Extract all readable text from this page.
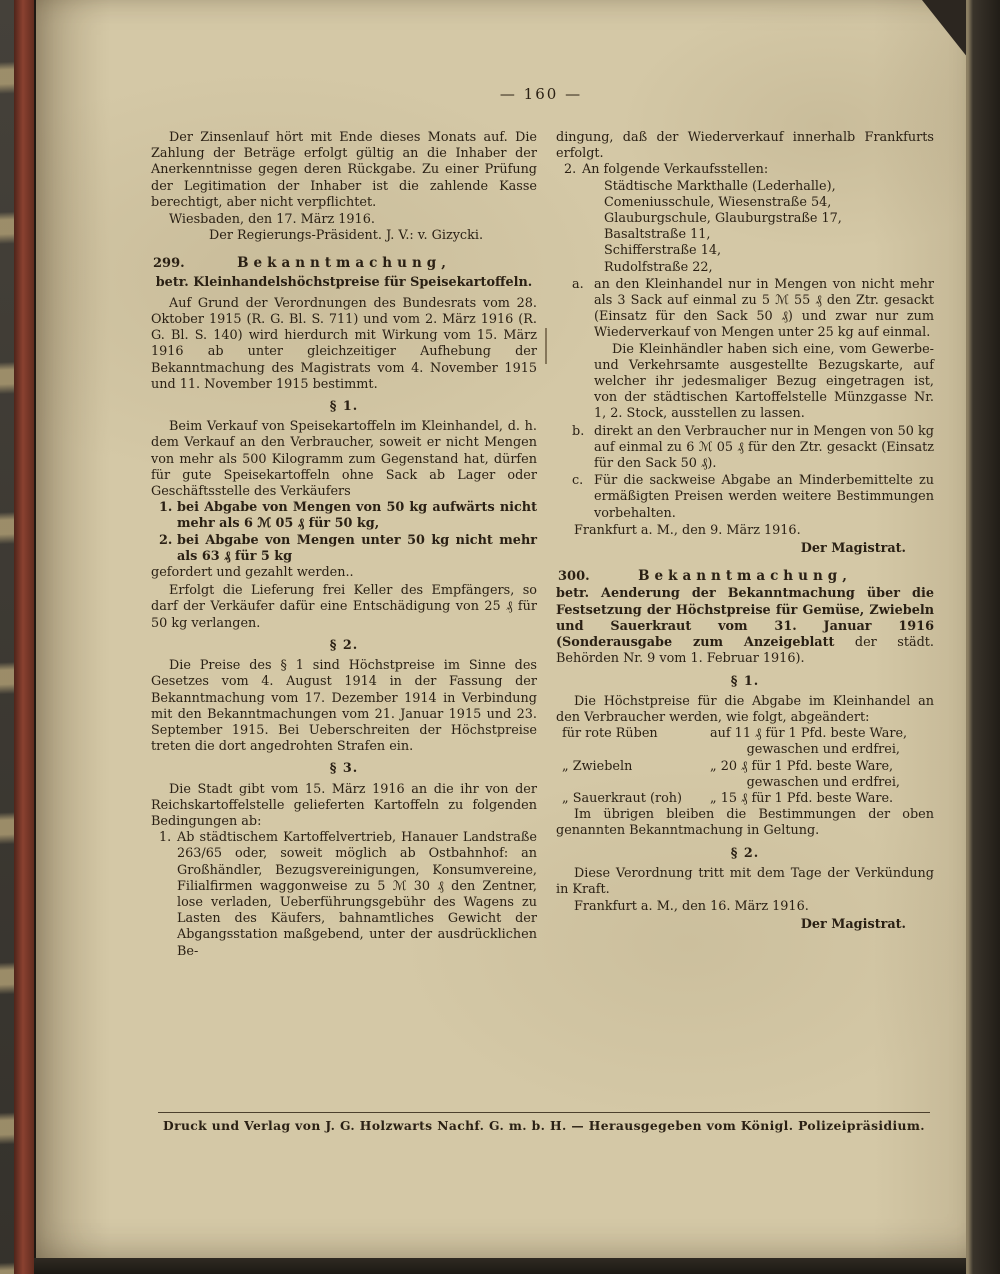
— 160 —

Der Zinsenlauf hört mit Ende dieses Monats auf. Die Zahlung der Beträge erfolgt gültig an die Inhaber der Anerkenntnisse gegen deren Rückgabe. Zu einer Prüfung der Legitimation der Inhaber ist die zahlende Kasse berechtigt, aber nicht verpflichtet.

Wiesbaden, den 17. März 1916.

Der Regierungs-Präsident. J. V.: v. Gizycki.

299.	Bekanntmachung,

betr. Kleinhandelshöchstpreise für Speisekartoffeln.

Auf Grund der Verordnungen des Bundesrats vom 28. Oktober 1915 (R. G. Bl. S. 711) und vom 2. März 1916 (R. G. Bl. S. 140) wird hierdurch mit Wirkung vom 15. März 1916 ab unter gleichzeitiger Aufhebung der Bekanntmachung des Magistrats vom 4. November 1915 und 11. November 1915 bestimmt.

§ 1.

Beim Verkauf von Speisekartoffeln im Kleinhandel, d. h. dem Verkauf an den Verbraucher, soweit er nicht Mengen von mehr als 500 Kilogramm zum Gegenstand hat, dürfen für gute Speisekartoffeln ohne Sack ab Lager oder Geschäftsstelle des Verkäufers

1. bei Abgabe von Mengen von 50 kg aufwärts nicht mehr als 6 ℳ 05 ₰ für 50 kg,

2. bei Abgabe von Mengen unter 50 kg nicht mehr als 63 ₰ für 5 kg

gefordert und gezahlt werden..

Erfolgt die Lieferung frei Keller des Empfängers, so darf der Verkäufer dafür eine Entschädigung von 25 ₰ für 50 kg verlangen.

§ 2.

Die Preise des § 1 sind Höchstpreise im Sinne des Gesetzes vom 4. August 1914 in der Fassung der Bekanntmachung vom 17. Dezember 1914 in Verbindung mit den Bekanntmachungen vom 21. Januar 1915 und 23. September 1915. Bei Ueberschreiten der Höchstpreise treten die dort angedrohten Strafen ein.

§ 3.

Die Stadt gibt vom 15. März 1916 an die ihr von der Reichskartoffelstelle gelieferten Kartoffeln zu folgenden Bedingungen ab:

1. Ab städtischem Kartoffelvertrieb, Hanauer Landstraße 263/65 oder, soweit möglich ab Ostbahnhof: an Großhändler, Bezugsvereinigungen, Konsumvereine, Filialfirmen waggonweise zu 5 ℳ 30 ₰ den Zentner, lose verladen, Ueberführungsgebühr des Wagens zu Lasten des Käufers, bahnamtliches Gewicht der Abgangsstation maßgebend, unter der ausdrücklichen Be-

dingung, daß der Wiederverkauf innerhalb Frankfurts erfolgt.

2. An folgende Verkaufsstellen:

Städtische Markthalle (Lederhalle),

Comeniusschule, Wiesenstraße 54,

Glauburgschule, Glauburgstraße 17,

Basaltstraße 11,

Schifferstraße 14,

Rudolfstraße 22,

a. an den Kleinhandel nur in Mengen von nicht mehr als 3 Sack auf einmal zu 5 ℳ 55 ₰ den Ztr. gesackt (Einsatz für den Sack 50 ₰) und zwar nur zum Wiederverkauf von Mengen unter 25 kg auf einmal.

Die Kleinhändler haben sich eine, vom Gewerbe- und Verkehrsamte ausgestellte Bezugskarte, auf welcher ihr jedesmaliger Bezug eingetragen ist, von der städtischen Kartoffelstelle Münzgasse Nr. 1, 2. Stock, ausstellen zu lassen.

b. direkt an den Verbraucher nur in Mengen von 50 kg auf einmal zu 6 ℳ 05 ₰ für den Ztr. gesackt (Einsatz für den Sack 50 ₰).

c. Für die sackweise Abgabe an Minderbemittelte zu ermäßigten Preisen werden weitere Bestimmungen vorbehalten.

Frankfurt a. M., den 9. März 1916.

Der Magistrat.

300.	Bekanntmachung,

betr. Aenderung der Bekanntmachung über die Festsetzung der Höchstpreise für Gemüse, Zwiebeln und Sauerkraut vom 31. Januar 1916 (Sonderausgabe zum Anzeigeblatt der städt. Behörden Nr. 9 vom 1. Februar 1916).

§ 1.

Die Höchstpreise für die Abgabe im Kleinhandel an den Verbraucher werden, wie folgt, abgeändert:

für rote Rüben	auf 11 ₰ für 1 Pfd. beste Ware,

gewaschen und erdfrei,

„ Zwiebeln	„ 20 ₰ für 1 Pfd. beste Ware,

gewaschen und erdfrei,

„ Sauerkraut (roh)	„ 15 ₰ für 1 Pfd. beste Ware.

Im übrigen bleiben die Bestimmungen der oben genannten Bekanntmachung in Geltung.

§ 2.

Diese Verordnung tritt mit dem Tage der Verkündung in Kraft.

Frankfurt a. M., den 16. März 1916.

Der Magistrat.

Druck und Verlag von J. G. Holzwarts Nachf. G. m. b. H. — Herausgegeben vom Königl. Polizeipräsidium.
